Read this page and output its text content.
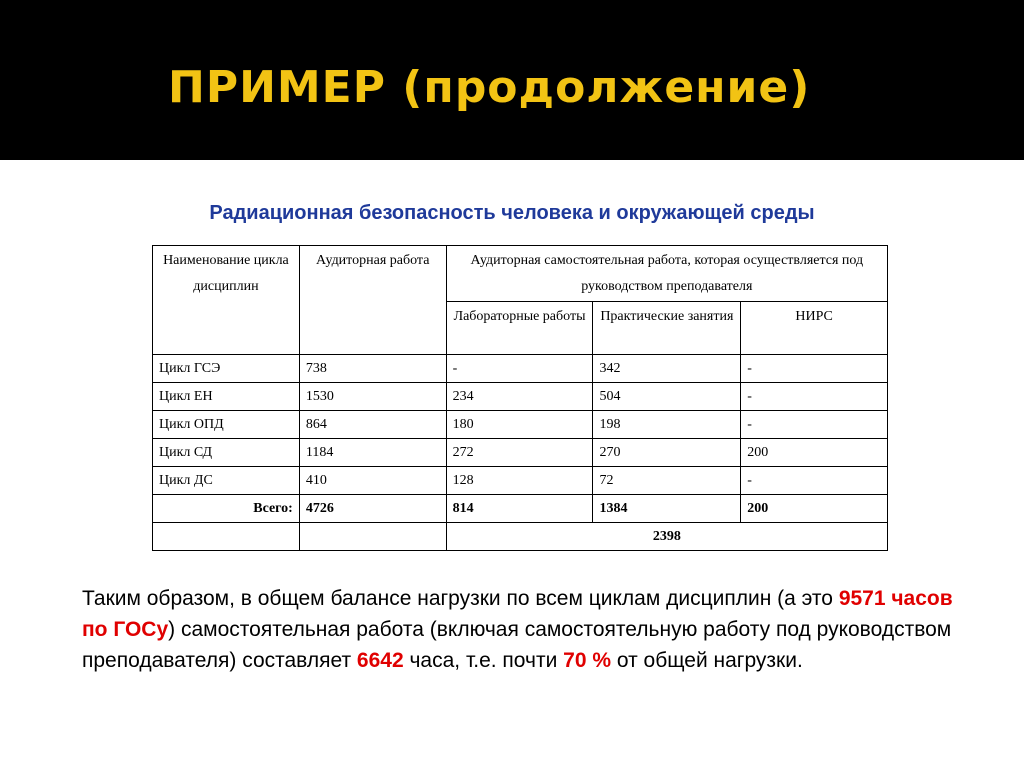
ПРИМЕР (продолжение)
Радиационная безопасность человека и окружающей среды
Наименование цикла дисциплин	Аудиторная работа	Аудиторная самостоятельная работа, которая осуществляется под руководством преподавателя		
		Лабораторные работы	Практические занятия	НИРС
Цикл ГСЭ	738	-	342	-
Цикл ЕН	1530	234	504	-
Цикл ОПД	864	180	198	-
Цикл СД	1184	272	270	200
Цикл ДС	410	128	72	-
Всего:	4726	814	1384	200
		2398		
Таким образом, в общем балансе нагрузки по всем циклам дисциплин (а это 9571 часов по ГОСу) самостоятельная работа (включая самостоятельную работу под руководством преподавателя) составляет 6642 часа, т.е. почти 70 % от общей нагрузки.
